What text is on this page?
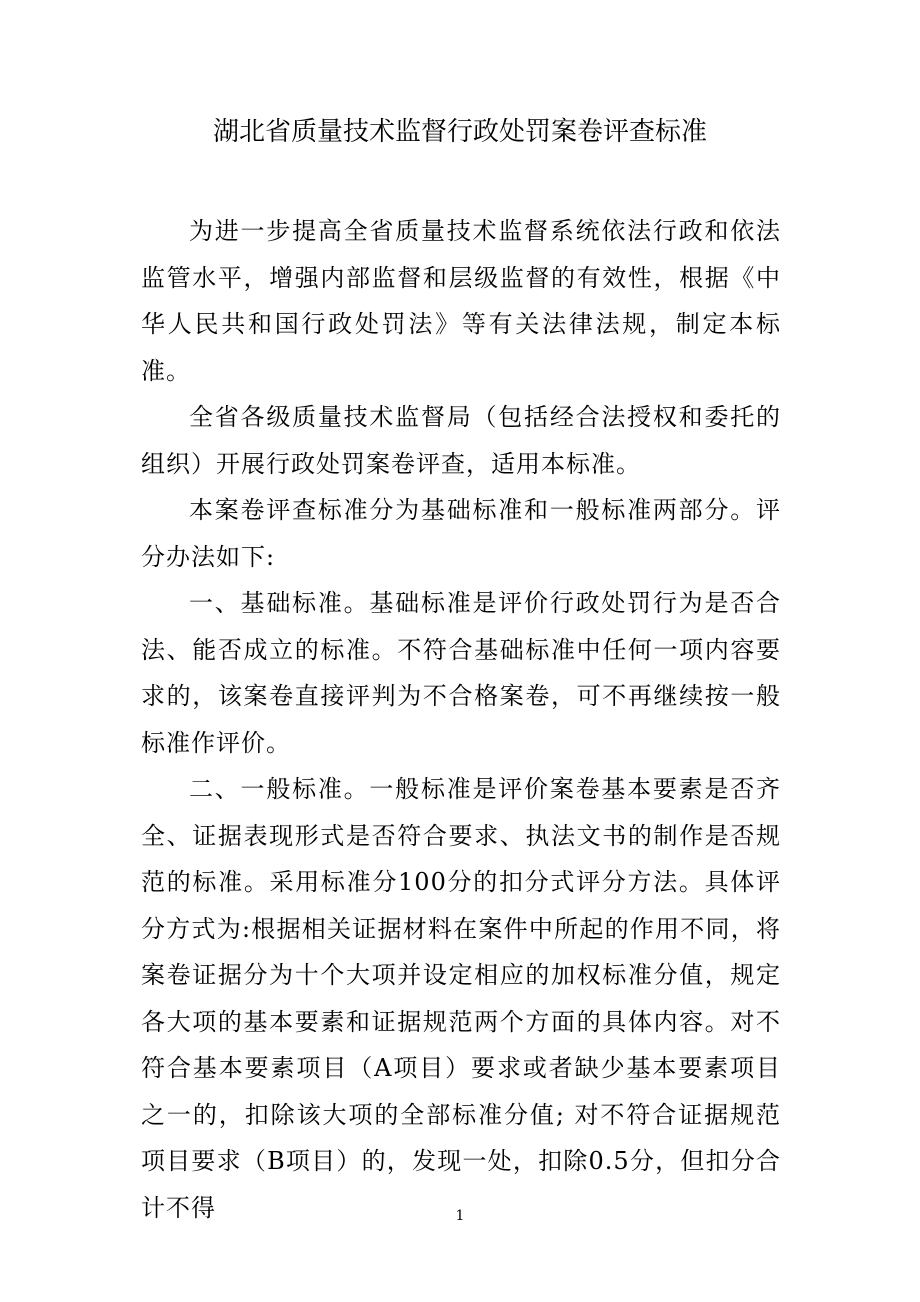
湖北省质量技术监督行政处罚案卷评查标准

为进一步提高全省质量技术监督系统依法行政和依法监管水平，增强内部监督和层级监督的有效性，根据《中华人民共和国行政处罚法》等有关法律法规，制定本标准。

全省各级质量技术监督局（包括经合法授权和委托的组织）开展行政处罚案卷评查，适用本标准。

本案卷评查标准分为基础标准和一般标准两部分。评分办法如下:

一、基础标准。基础标准是评价行政处罚行为是否合法、能否成立的标准。不符合基础标准中任何一项内容要求的，该案卷直接评判为不合格案卷，可不再继续按一般标准作评价。

二、一般标准。一般标准是评价案卷基本要素是否齐全、证据表现形式是否符合要求、执法文书的制作是否规范的标准。采用标准分100分的扣分式评分方法。具体评分方式为:根据相关证据材料在案件中所起的作用不同，将案卷证据分为十个大项并设定相应的加权标准分值，规定各大项的基本要素和证据规范两个方面的具体内容。对不符合基本要素项目（A项目）要求或者缺少基本要素项目之一的，扣除该大项的全部标准分值; 对不符合证据规范项目要求（B项目）的，发现一处，扣除0.5分，但扣分合计不得	1
